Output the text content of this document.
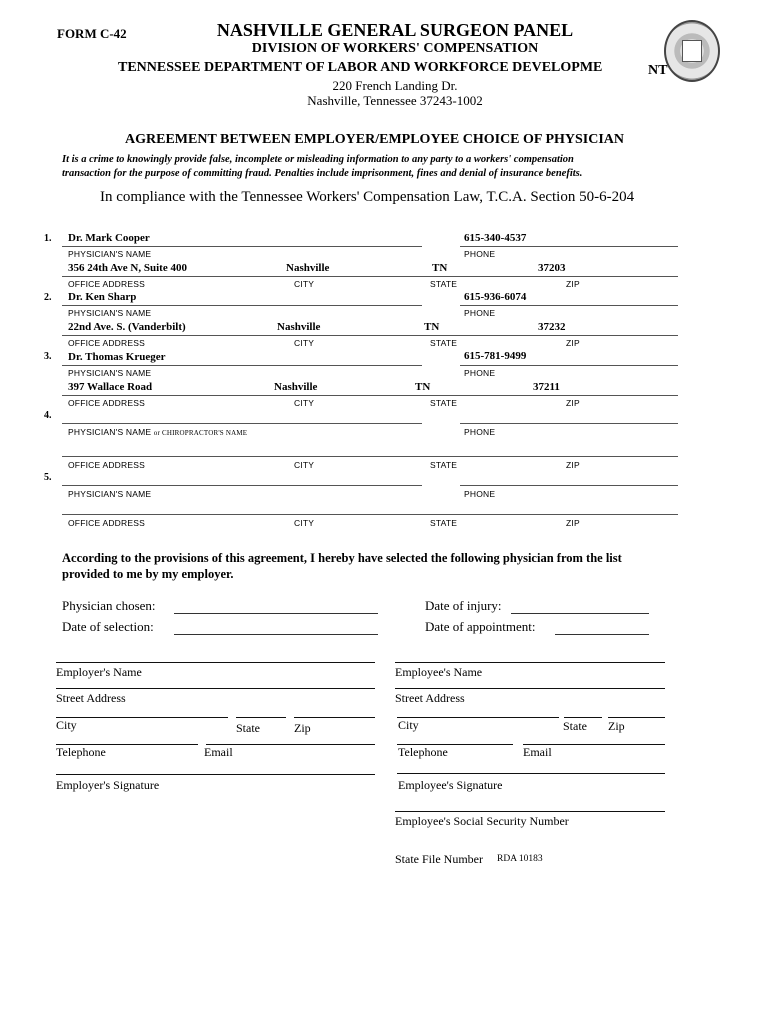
FORM C-42	NASHVILLE GENERAL SURGEON PANEL
DIVISION OF WORKERS' COMPENSATION
TENNESSEE DEPARTMENT OF LABOR AND WORKFORCE DEVELOPME	NT
220 French Landing Dr.
Nashville, Tennessee 37243-1002
AGREEMENT BETWEEN EMPLOYER/EMPLOYEE CHOICE OF PHYSICIAN
It is a crime to knowingly provide false, incomplete or misleading information to any party to a workers' compensation
transaction for the purpose of committing fraud. Penalties include imprisonment, fines and denial of insurance benefits.
In compliance with the Tennessee Workers' Compensation Law, T.C.A. Section 50-6-204
1. Dr. Mark Cooper	615-340-4537
PHYSICIAN'S NAME	PHONE
356 24th Ave N, Suite 400	Nashville	TN	37203
OFFICE ADDRESS	CITY	STATE	ZIP
2. Dr. Ken Sharp	615-936-6074
PHYSICIAN'S NAME	PHONE
22nd Ave. S. (Vanderbilt)	Nashville	TN	37232
OFFICE ADDRESS	CITY	STATE	ZIP
3. Dr. Thomas Krueger	615-781-9499
PHYSICIAN'S NAME	PHONE
397 Wallace Road	Nashville	TN	37211
OFFICE ADDRESS	CITY	STATE	ZIP
4.
PHYSICIAN'S NAME or CHIROPRACTOR'S NAME	PHONE
OFFICE ADDRESS	CITY	STATE	ZIP
5.
PHYSICIAN'S NAME	PHONE
OFFICE ADDRESS	CITY	STATE	ZIP
According to the provisions of this agreement, I hereby have selected the following physician from the list
provided to me by my employer.
Physician chosen:
Date of selection:
Date of injury:
Date of appointment:
Employer's Name
Street Address
City	State	Zip
Telephone	Email
Employer's Signature
Employee's Name
Street Address
City	State Zip
Telephone	Email
Employee's Signature
Employee's Social Security Number
State File Number RDA 10183
